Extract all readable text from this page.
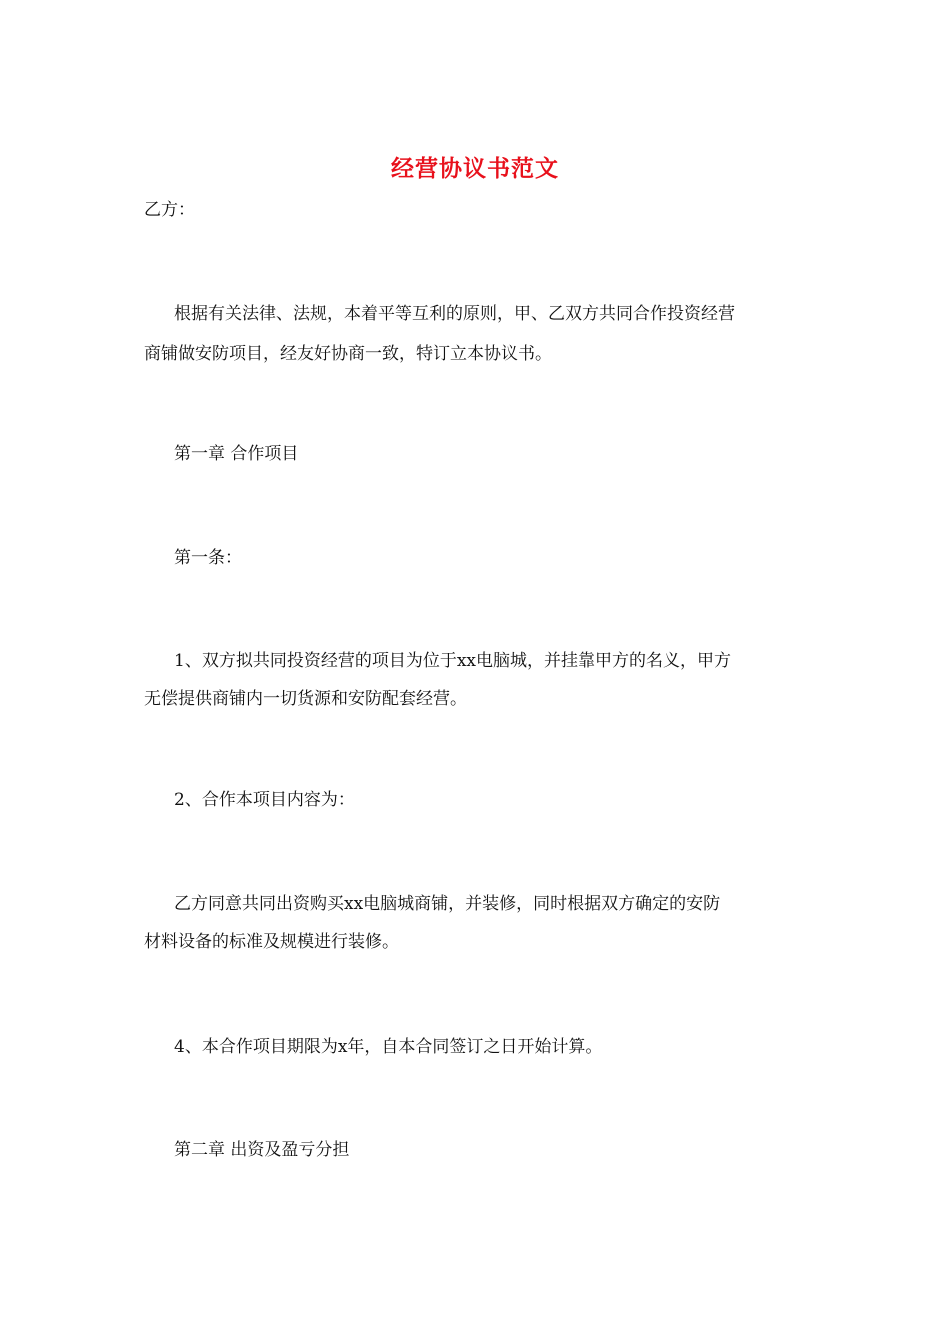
经营协议书范文
乙方：
根据有关法律、法规，本着平等互利的原则，甲、乙双方共同合作投资经营
商铺做安防项目，经友好协商一致，特订立本协议书。
第一章 合作项目
第一条：
1、双方拟共同投资经营的项目为位于xx电脑城，并挂靠甲方的名义，甲方
无偿提供商铺内一切货源和安防配套经营。
2、合作本项目内容为：
乙方同意共同出资购买xx电脑城商铺，并装修，同时根据双方确定的安防
材料设备的标准及规模进行装修。
4、本合作项目期限为x年，自本合同签订之日开始计算。
第二章 出资及盈亏分担
